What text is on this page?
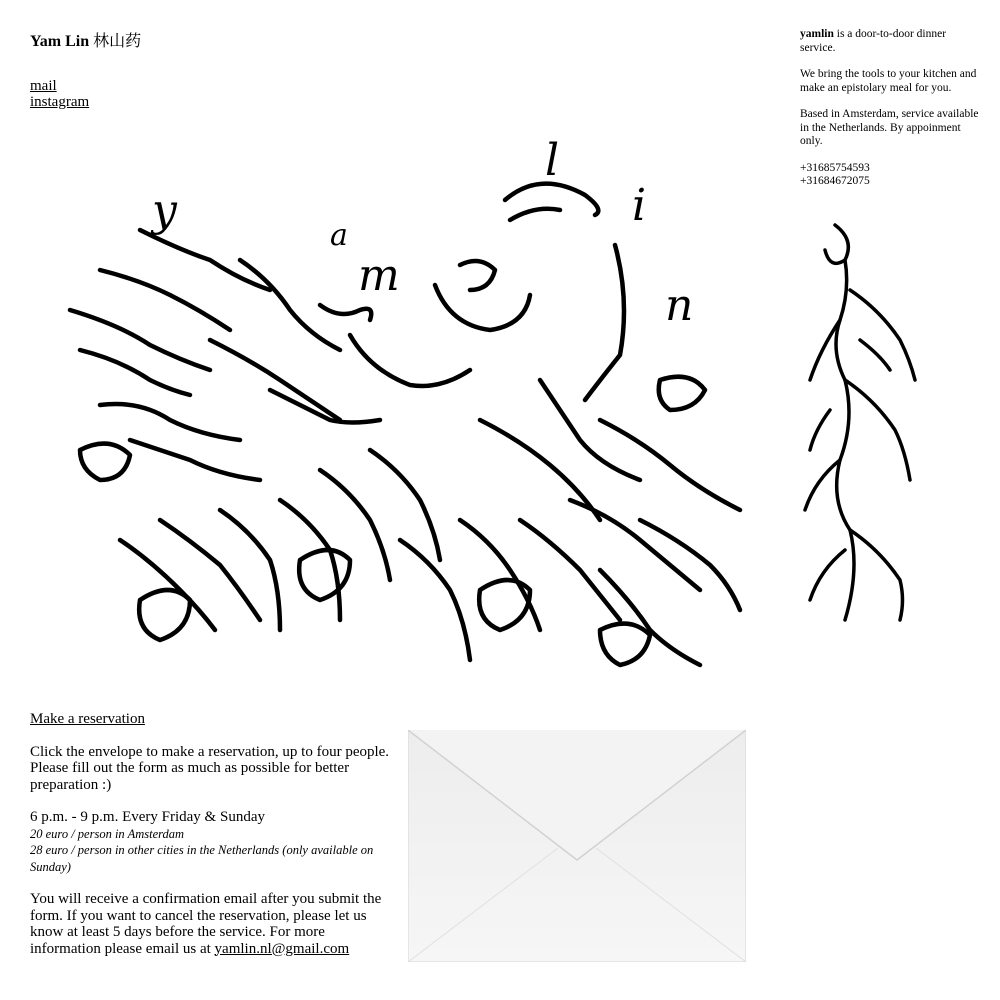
Yam Lin 林山药
mail
instagram

yamlin is a door-to-door dinner service.

We bring the tools to your kitchen and make an epistolary meal for you.

Based in Amsterdam, service available in the Netherlands. By appoinment only.

+31685754593
+31684672075

y	a
m
l
i
n
Make a reservation

Click the envelope to make a reservation, up to four people. Please fill out the form as much as possible for better preparation :)

6 p.m. - 9 p.m. Every Friday & Sunday

20 euro / person in Amsterdam

28 euro / person in other cities in the Netherlands (only available on Sunday)

You will receive a confirmation email after you submit the form. If you want to cancel the reservation, please let us know at least 5 days before the service. For more information please email us at yamlin.nl@gmail.com
